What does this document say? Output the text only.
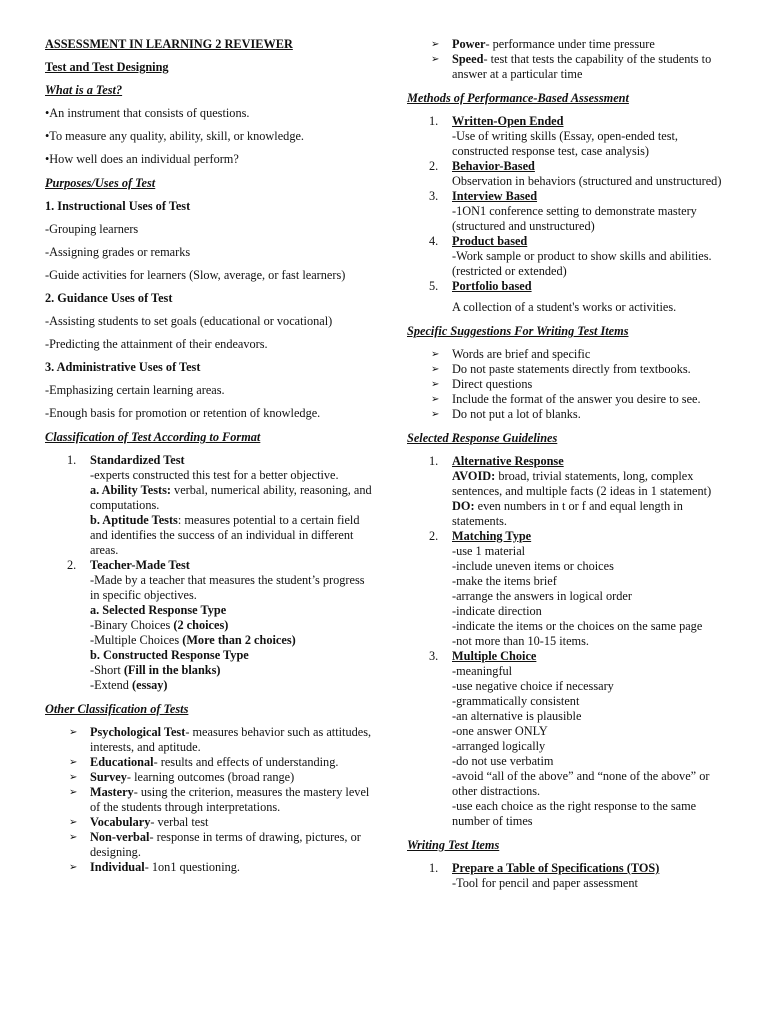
ASSESSMENT IN LEARNING 2 REVIEWER
Test and Test Designing
What is a Test?
•An instrument that consists of questions.
•To measure any quality, ability, skill, or knowledge.
•How well does an individual perform?
Purposes/Uses of Test
1. Instructional Uses of Test
-Grouping learners
-Assigning grades or remarks
-Guide activities for learners (Slow, average, or fast learners)
2. Guidance Uses of Test
-Assisting students to set goals (educational or vocational)
-Predicting the attainment of their endeavors.
3. Administrative Uses of Test
-Emphasizing certain learning areas.
-Enough basis for promotion or retention of knowledge.
Classification of Test According to Format
1. Standardized Test
-experts constructed this test for a better objective.
a. Ability Tests: verbal, numerical ability, reasoning, and computations.
b. Aptitude Tests: measures potential to a certain field and identifies the success of an individual in different areas.
2. Teacher-Made Test
-Made by a teacher that measures the student’s progress in specific objectives.
a. Selected Response Type
-Binary Choices (2 choices)
-Multiple Choices (More than 2 choices)
b. Constructed Response Type
-Short (Fill in the blanks)
-Extend (essay)
Other Classification of Tests
➢ Psychological Test- measures behavior such as attitudes, interests, and aptitude.
➢ Educational- results and effects of understanding.
➢ Survey- learning outcomes (broad range)
➢ Mastery- using the criterion, measures the mastery level of the students through interpretations.
➢ Vocabulary- verbal test
➢ Non-verbal- response in terms of drawing, pictures, or designing.
➢ Individual- 1on1 questioning.
➢ Power- performance under time pressure
➢ Speed- test that tests the capability of the students to answer at a particular time
Methods of Performance-Based Assessment
1. Written-Open Ended
-Use of writing skills (Essay, open-ended test, constructed response test, case analysis)
2. Behavior-Based
Observation in behaviors (structured and unstructured)
3. Interview Based
-1ON1 conference setting to demonstrate mastery (structured and unstructured)
4. Product based
-Work sample or product to show skills and abilities. (restricted or extended)
5. Portfolio based
A collection of a student's works or activities.
Specific Suggestions For Writing Test Items
➢ Words are brief and specific
➢ Do not paste statements directly from textbooks.
➢ Direct questions
➢ Include the format of the answer you desire to see.
➢ Do not put a lot of blanks.
Selected Response Guidelines
1. Alternative Response
AVOID: broad, trivial statements, long, complex sentences, and multiple facts (2 ideas in 1 statement)
DO: even numbers in t or f and equal length in statements.
2. Matching Type
-use 1 material
-include uneven items or choices
-make the items brief
-arrange the answers in logical order
-indicate direction
-indicate the items or the choices on the same page
-not more than 10-15 items.
3. Multiple Choice
-meaningful
-use negative choice if necessary
-grammatically consistent
-an alternative is plausible
-one answer ONLY
-arranged logically
-do not use verbatim
-avoid “all of the above” and “none of the above” or other distractions.
-use each choice as the right response to the same number of times
Writing Test Items
1. Prepare a Table of Specifications (TOS)
-Tool for pencil and paper assessment
